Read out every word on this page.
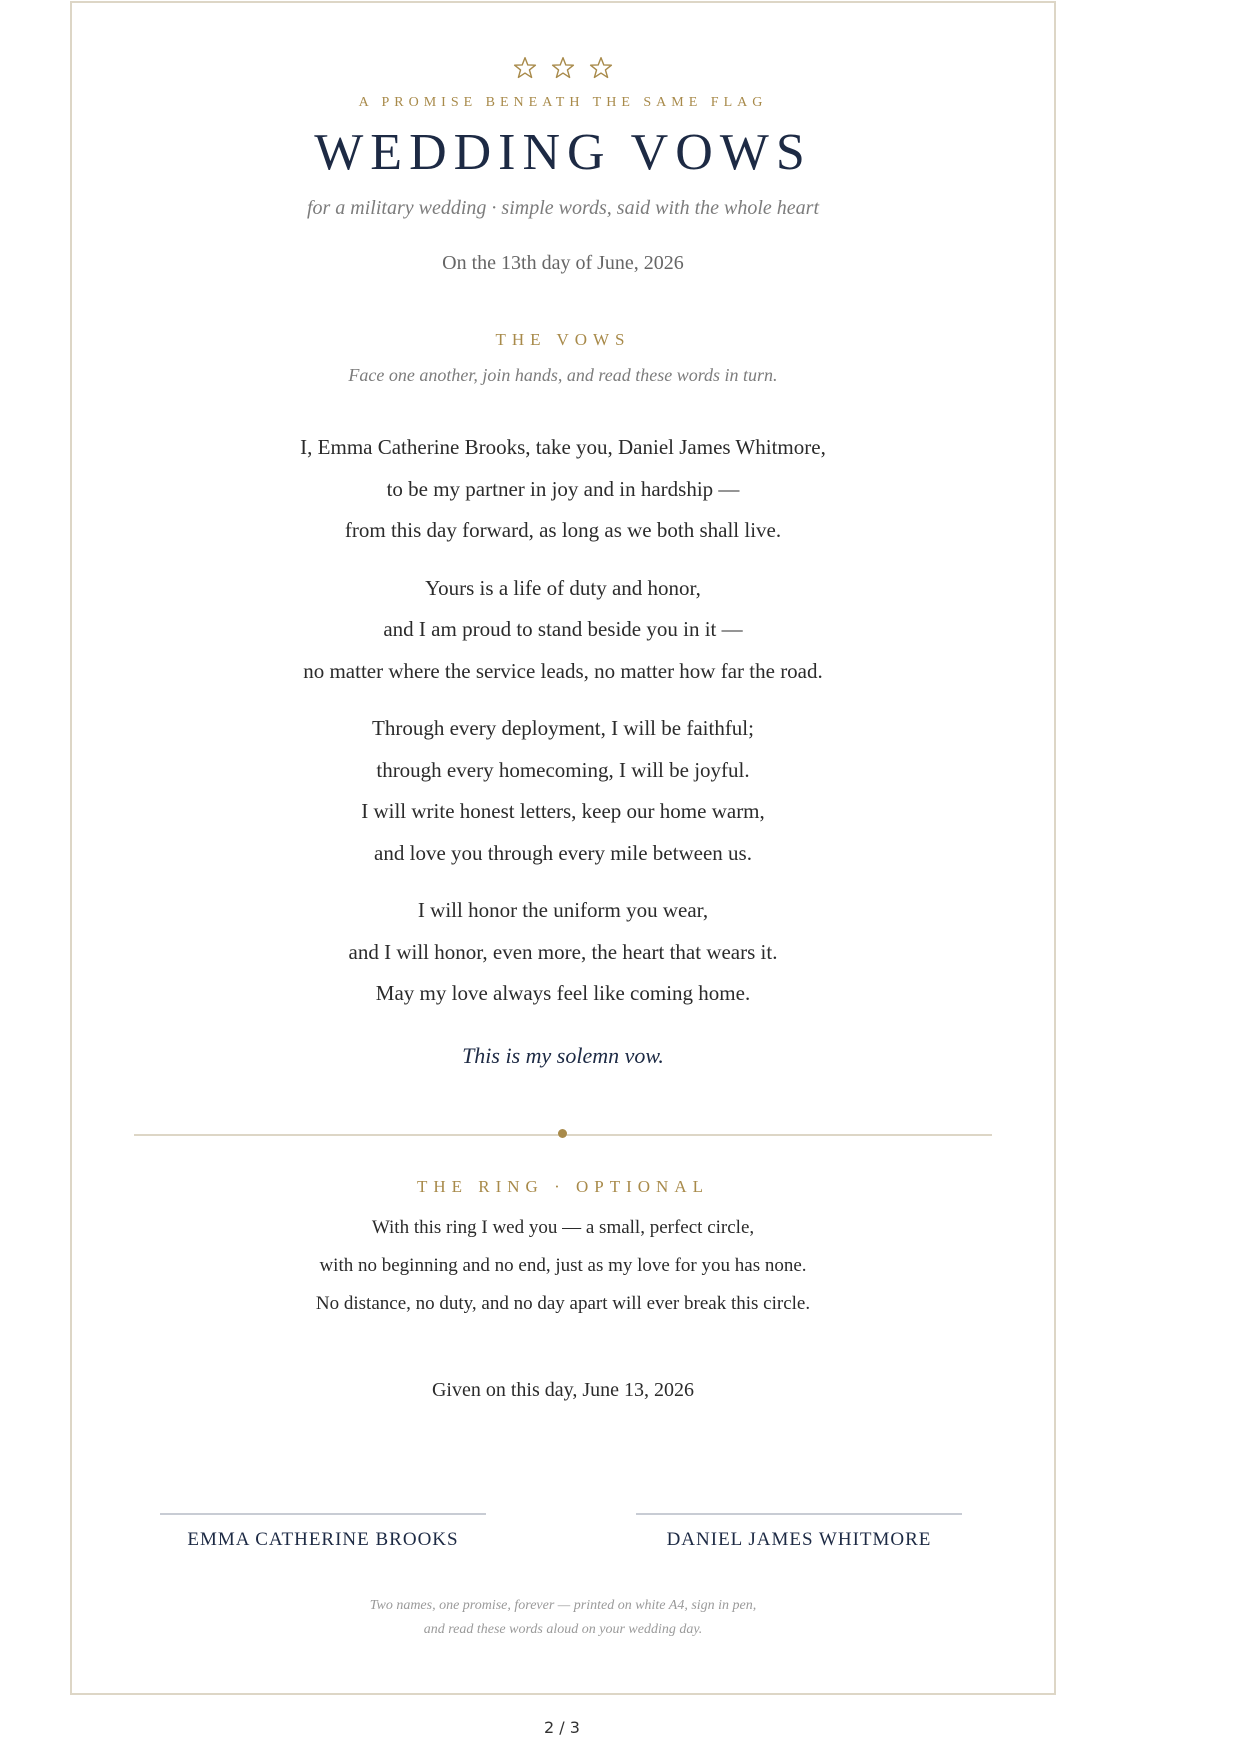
A PROMISE BENEATH THE SAME FLAG
WEDDING VOWS
for a military wedding · simple words, said with the whole heart
On the 13th day of June, 2026
THE VOWS
Face one another, join hands, and read these words in turn.
I, Emma Catherine Brooks, take you, Daniel James Whitmore,
to be my partner in joy and in hardship —
from this day forward, as long as we both shall live.
Yours is a life of duty and honor,
and I am proud to stand beside you in it —
no matter where the service leads, no matter how far the road.
Through every deployment, I will be faithful;
through every homecoming, I will be joyful.
I will write honest letters, keep our home warm,
and love you through every mile between us.
I will honor the uniform you wear,
and I will honor, even more, the heart that wears it.
May my love always feel like coming home.
This is my solemn vow.
THE RING · OPTIONAL
With this ring I wed you — a small, perfect circle,
with no beginning and no end, just as my love for you has none.
No distance, no duty, and no day apart will ever break this circle.
Given on this day, June 13, 2026
EMMA CATHERINE BROOKS	DANIEL JAMES WHITMORE
Two names, one promise, forever — printed on white A4, sign in pen,
and read these words aloud on your wedding day.
2 / 3
